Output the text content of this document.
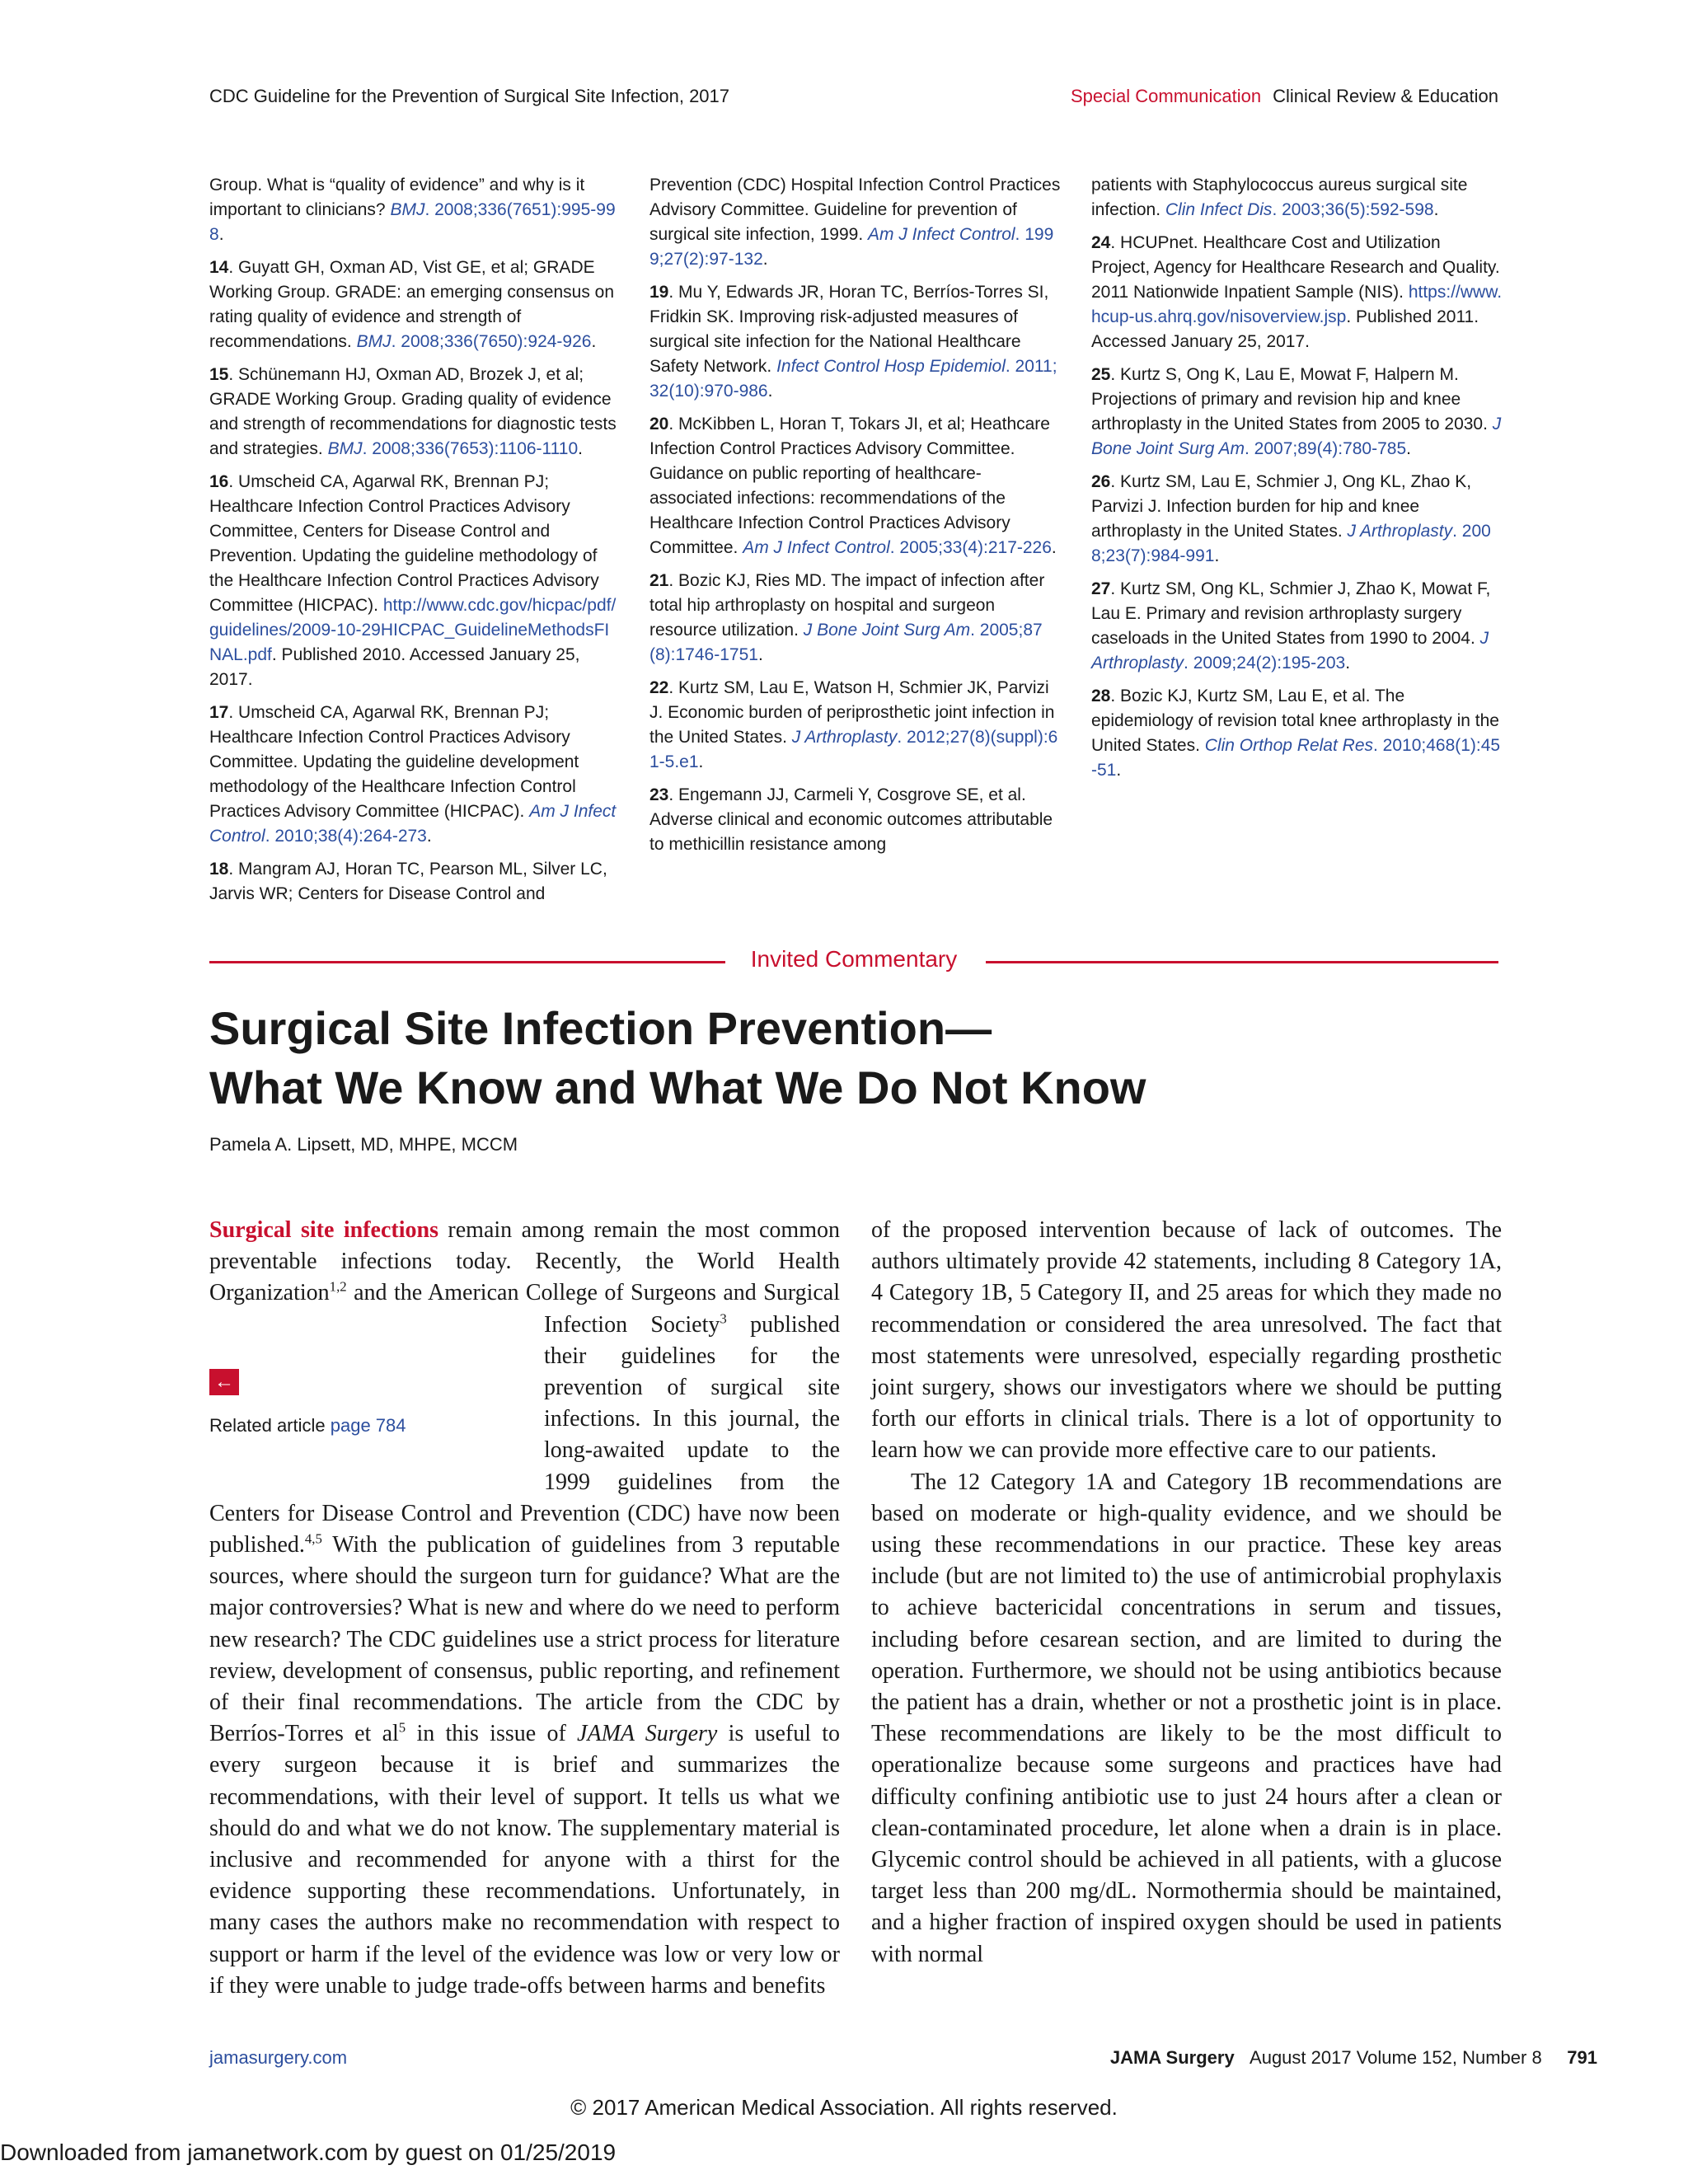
CDC Guideline for the Prevention of Surgical Site Infection, 2017	Special Communication Clinical Review & Education

Group. What is “quality of evidence” and why is it important to clinicians? BMJ. 2008;336(7651):995-998.

14. Guyatt GH, Oxman AD, Vist GE, et al; GRADE Working Group. GRADE: an emerging consensus on rating quality of evidence and strength of recommendations. BMJ. 2008;336(7650):924-926.

15. Schünemann HJ, Oxman AD, Brozek J, et al; GRADE Working Group. Grading quality of evidence and strength of recommendations for diagnostic tests and strategies. BMJ. 2008;336(7653):1106-1110.

16. Umscheid CA, Agarwal RK, Brennan PJ; Healthcare Infection Control Practices Advisory Committee, Centers for Disease Control and Prevention. Updating the guideline methodology of the Healthcare Infection Control Practices Advisory Committee (HICPAC). http://www.cdc.gov/hicpac/pdf/guidelines/2009-10-29HICPAC_GuidelineMethodsFINAL.pdf. Published 2010. Accessed January 25, 2017.

17. Umscheid CA, Agarwal RK, Brennan PJ; Healthcare Infection Control Practices Advisory Committee. Updating the guideline development methodology of the Healthcare Infection Control Practices Advisory Committee (HICPAC). Am J Infect Control. 2010;38(4):264-273.

18. Mangram AJ, Horan TC, Pearson ML, Silver LC, Jarvis WR; Centers for Disease Control and

Prevention (CDC) Hospital Infection Control Practices Advisory Committee. Guideline for prevention of surgical site infection, 1999. Am J Infect Control. 1999;27(2):97-132.

19. Mu Y, Edwards JR, Horan TC, Berríos-Torres SI, Fridkin SK. Improving risk-adjusted measures of surgical site infection for the National Healthcare Safety Network. Infect Control Hosp Epidemiol. 2011;32(10):970-986.

20. McKibben L, Horan T, Tokars JI, et al; Heathcare Infection Control Practices Advisory Committee. Guidance on public reporting of healthcare-associated infections: recommendations of the Healthcare Infection Control Practices Advisory Committee. Am J Infect Control. 2005;33(4):217-226.

21. Bozic KJ, Ries MD. The impact of infection after total hip arthroplasty on hospital and surgeon resource utilization. J Bone Joint Surg Am. 2005;87(8):1746-1751.

22. Kurtz SM, Lau E, Watson H, Schmier JK, Parvizi J. Economic burden of periprosthetic joint infection in the United States. J Arthroplasty. 2012;27(8)(suppl):61-5.e1.

23. Engemann JJ, Carmeli Y, Cosgrove SE, et al. Adverse clinical and economic outcomes attributable to methicillin resistance among

patients with Staphylococcus aureus surgical site infection. Clin Infect Dis. 2003;36(5):592-598.

24. HCUPnet. Healthcare Cost and Utilization Project, Agency for Healthcare Research and Quality. 2011 Nationwide Inpatient Sample (NIS). https://www.hcup-us.ahrq.gov/nisoverview.jsp. Published 2011. Accessed January 25, 2017.

25. Kurtz S, Ong K, Lau E, Mowat F, Halpern M. Projections of primary and revision hip and knee arthroplasty in the United States from 2005 to 2030. J Bone Joint Surg Am. 2007;89(4):780-785.

26. Kurtz SM, Lau E, Schmier J, Ong KL, Zhao K, Parvizi J. Infection burden for hip and knee arthroplasty in the United States. J Arthroplasty. 2008;23(7):984-991.

27. Kurtz SM, Ong KL, Schmier J, Zhao K, Mowat F, Lau E. Primary and revision arthroplasty surgery caseloads in the United States from 1990 to 2004. J Arthroplasty. 2009;24(2):195-203.

28. Bozic KJ, Kurtz SM, Lau E, et al. The epidemiology of revision total knee arthroplasty in the United States. Clin Orthop Relat Res. 2010;468(1):45-51.

Invited Commentary
Surgical Site Infection Prevention—
What We Know and What We Do Not Know
Pamela A. Lipsett, MD, MHPE, MCCM

Surgical site infections remain among remain the most common preventable infections today. Recently, the World Health Organization$^{1,2}$ and the American College of Surgeons and Surgical Infection Society$^3$
←
Related article page 784
published their guidelines for the prevention of surgical site infections. In this journal, the long-awaited update to the 1999 guidelines from the Centers for Disease Control and Prevention (CDC) have now been published.$^{4,5}$ With the publication of guidelines from 3 reputable sources, where should the surgeon turn for guidance? What are the major controversies? What is new and where do we need to perform new research? The CDC guidelines use a strict process for literature review, development of consensus, public reporting, and refinement of their final recommendations. The article from the CDC by Berríos-Torres et $al^5$ in this issue of JAMA Surgery is useful to every surgeon because it is brief and summarizes the recommendations, with their level of support. It tells us what we should do and what we do not know. The supplementary material is inclusive and recommended for anyone with a thirst for the evidence supporting these recommendations. Unfortunately, in many cases the authors make no recommendation with respect to support or harm if the level of the evidence was low or very low or if they were unable to judge trade-offs between harms and benefits

of the proposed intervention because of lack of outcomes. The authors ultimately provide 42 statements, including 8 Category 1A, 4 Category 1B, 5 Category II, and 25 areas for which they made no recommendation or considered the area unresolved. The fact that most statements were unresolved, especially regarding prosthetic joint surgery, shows our investigators where we should be putting forth our efforts in clinical trials. There is a lot of opportunity to learn how we can provide more effective care to our patients.

The 12 Category 1A and Category 1B recommendations are based on moderate or high-quality evidence, and we should be using these recommendations in our practice. These key areas include (but are not limited to) the use of antimicrobial prophylaxis to achieve bactericidal concentrations in serum and tissues, including before cesarean section, and are limited to during the operation. Furthermore, we should not be using antibiotics because the patient has a drain, whether or not a prosthetic joint is in place. These recommendations are likely to be the most difficult to operationalize because some surgeons and practices have had difficulty confining antibiotic use to just 24 hours after a clean or clean-contaminated procedure, let alone when a drain is in place. Glycemic control should be achieved in all patients, with a glucose target less than 200 mg/dL. Normothermia should be maintained, and a higher fraction of inspired oxygen should be used in patients with normal

jamasurgery.com	JAMA Surgery August 2017 Volume 152, Number 8 791
© 2017 American Medical Association. All rights reserved.
Downloaded from jamanetwork.com by guest on 01/25/2019
